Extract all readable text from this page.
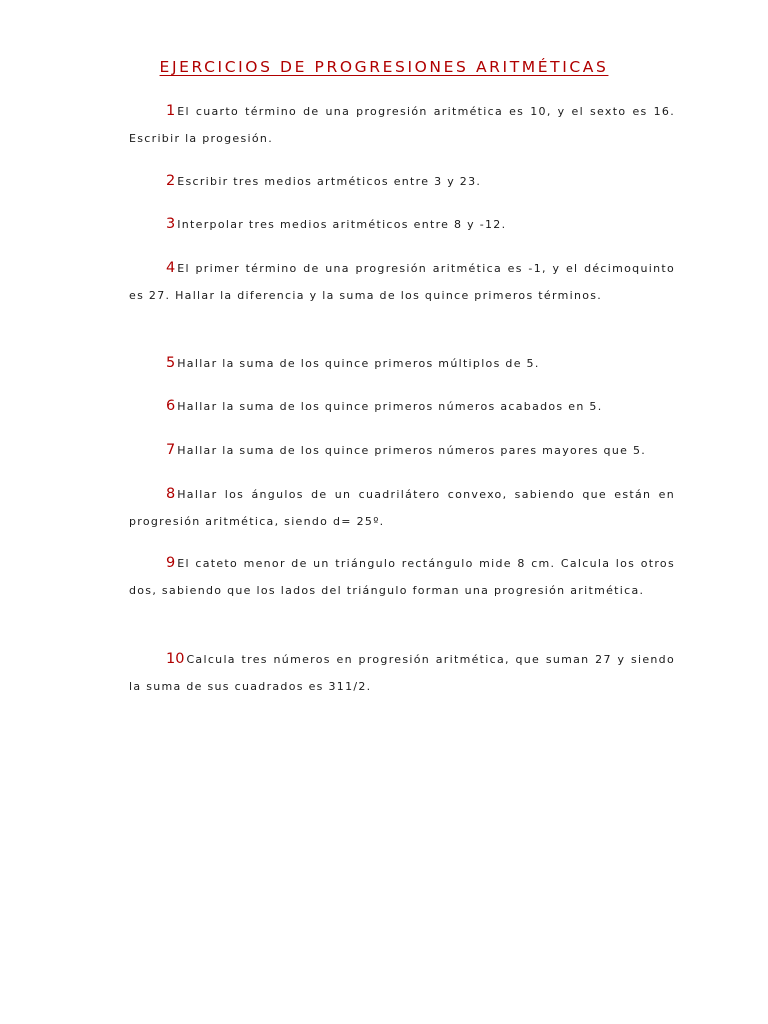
EJERCICIOS DE PROGRESIONES ARITMÉTICAS

1 El cuarto término de una progresión aritmética es 10, y el sexto es 16. Escribir la progesión.

2 Escribir tres medios artméticos entre 3 y 23.

3 Interpolar tres medios aritméticos entre 8 y -12.

4 El primer término de una progresión aritmética es -1, y el décimoquinto es 27. Hallar la diferencia y la suma de los quince primeros términos.

5 Hallar la suma de los quince primeros múltiplos de 5.

6 Hallar la suma de los quince primeros números acabados en 5.

7 Hallar la suma de los quince primeros números pares mayores que 5.

8 Hallar los ángulos de un cuadrilátero convexo, sabiendo que están en progresión aritmética, siendo d= 25º.

9 El cateto menor de un triángulo rectángulo mide 8 cm. Calcula los otros dos, sabiendo que los lados del triángulo forman una progresión aritmética.

10 Calcula tres números en progresión aritmética, que suman 27 y siendo la suma de sus cuadrados es 311/2.
